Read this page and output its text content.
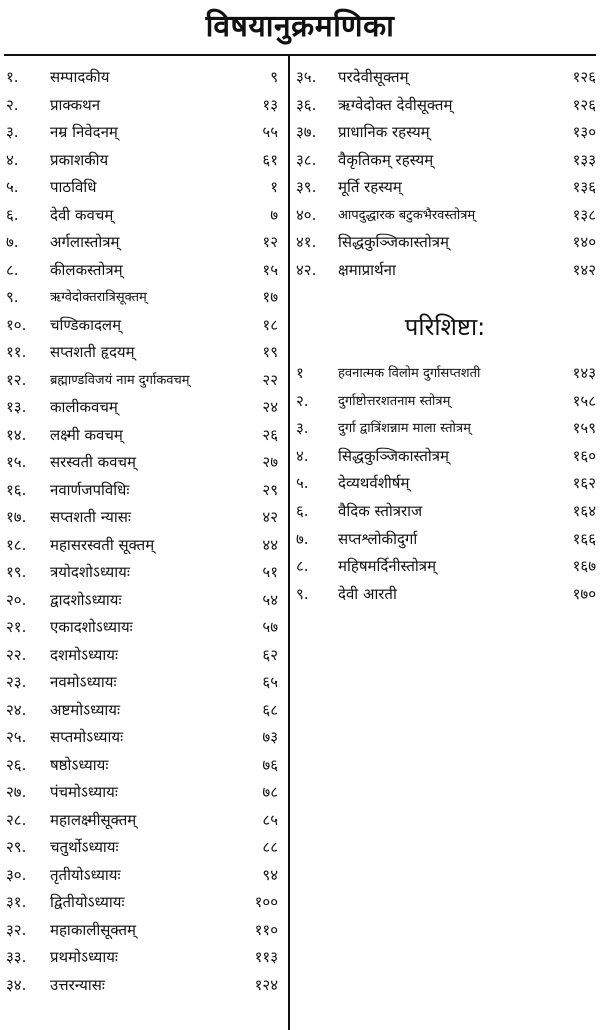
विषयानुक्रमणिका
१. सम्पादकीय	९
२. प्राक्कथन	१३
३. नम्र निवेदनम्	५५
४. प्रकाशकीय	६१
५. पाठविधि	१
६. देवी कवचम्	७
७. अर्गलास्तोत्रम्	१२
८. कीलकस्तोत्रम्	१५
९. ऋग्वेदोक्तरात्रिसूक्तम्	१७
१०. चण्डिकादलम्	१८
११. सप्तशती हृदयम्	१९
१२. ब्रह्माण्डविजयं नाम दुर्गाकवचम्	२२
१३. कालीकवचम्	२४
१४. लक्ष्मी कवचम्	२६
१५. सरस्वती कवचम्	२७
१६. नवार्णजपविधिः	२९
१७. सप्तशती न्यासः	४२
१८. महासरस्वती सूक्तम्	४४
१९. त्रयोदशोऽध्यायः	५१
२०. द्वादशोऽध्यायः	५४
२१. एकादशोऽध्यायः	५७
२२. दशमोऽध्यायः	६२
२३. नवमोऽध्यायः	६५
२४. अष्टमोऽध्यायः	६८
२५. सप्तमोऽध्यायः	७३
२६. षष्ठोऽध्यायः	७६
२७. पंचमोऽध्यायः	७८
२८. महालक्ष्मीसूक्तम्	८५
२९. चतुर्थोऽध्यायः	८८
३०. तृतीयोऽध्यायः	९४
३१. द्वितीयोऽध्यायः	१००
३२. महाकालीसूक्तम्	११०
३३. प्रथमोऽध्यायः	११३
३४. उत्तरन्यासः	१२४
३५. परदेवीसूक्तम्	१२६
३६. ऋग्वेदोक्त देवीसूक्तम्	१२६
३७. प्राधानिक रहस्यम्	१३०
३८. वैकृतिकम् रहस्यम्	१३३
३९. मूर्ति रहस्यम्	१३६
४०. आपदुद्धारक बटुकभैरवस्तोत्रम्	१३८
४१. सिद्धकुञ्जिकास्तोत्रम्	१४०
४२. क्षमाप्रार्थना	१४२
परिशिष्टा:
१	हवनात्मक विलोम दुर्गासप्तशती	१४३
२. दुर्गाष्टोत्तरशतनाम स्तोत्रम्	१५८
३. दुर्गा द्वात्रिंशन्नाम माला स्तोत्रम्	१५९
४. सिद्धकुञ्जिकास्तोत्रम्	१६०
५. देव्यथर्वशीर्षम्	१६२
६. वैदिक स्तोत्रराज	१६४
७. सप्तश्लोकीदुर्गा	१६६
८. महिषमर्दिनीस्तोत्रम्	१६७
९. देवी आरती	१७०
